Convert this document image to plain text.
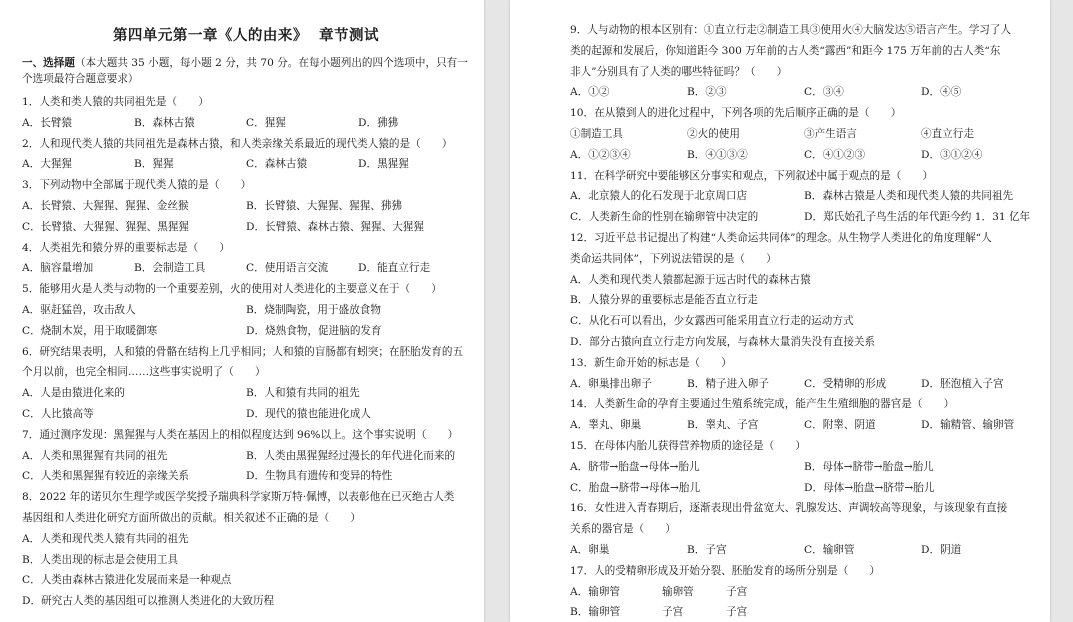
第四单元第一章《人的由来》  章节测试
一、选择题（本大题共 35 小题，每小题 2 分，共 70 分。在每小题列出的四个选项中，只有一个选项最符合题意要求）
1．人类和类人猿的共同祖先是（　　）
A．长臂猿	B．森林古猿	C．猩猩	D．狒狒
2．人和现代类人猿的共同祖先是森林古猿，和人类亲缘关系最近的现代类人猿的是（　　）
A．大猩猩	B．猩猩	C．森林古猿	D．黑猩猩
3．下列动物中全部属于现代类人猿的是（　　）
A．长臂猿、大猩猩、猩猩、金丝猴	B．长臂猿、大猩猩、猩猩、狒狒
C．长臂猿、大猩猩、猩猩、黑猩猩	D．长臂猿、森林古猿、猩猩、大猩猩
4．人类祖先和猿分界的重要标志是（　　）
A．脑容量增加	B．会制造工具	C．使用语言交流	D．能直立行走
5．能够用火是人类与动物的一个重要差别，火的使用对人类进化的主要意义在于（　　）
A．驱赶猛兽，攻击敌人	B．烧制陶瓷，用于盛放食物
C．烧制木炭，用于取暖御寒	D．烧熟食物，促进脑的发育
6．研究结果表明，人和猿的骨骼在结构上几乎相同；人和猿的盲肠都有蚓突；在胚胎发育的五
个月以前，也完全相同……这些事实说明了（　　）
A．人是由猿进化来的	B．人和猿有共同的祖先
C．人比猿高等	D．现代的猿也能进化成人
7．通过测序发现：黑猩猩与人类在基因上的相似程度达到 96%以上。这个事实说明（　　）
A．人类和黑猩猩有共同的祖先	B．人类由黑猩猩经过漫长的年代进化而来的
C．人类和黑猩猩有较近的亲缘关系	D．生物具有遗传和变异的特性
8．2022 年的诺贝尔生理学或医学奖授予瑞典科学家斯万特·佩博，以表彰他在已灭绝古人类
基因组和人类进化研究方面所做出的贡献。相关叙述不正确的是（　　）
A．人类和现代类人猿有共同的祖先
B．人类出现的标志是会使用工具
C．人类由森林古猿进化发展而来是一种观点
D．研究古人类的基因组可以推测人类进化的大致历程
9．人与动物的根本区别有：①直立行走②制造工具③使用火④大脑发达⑤语言产生。学习了人
类的起源和发展后，你知道距今 300 万年前的古人类“露西”和距今 175 万年前的古人类“东
非人”分别具有了人类的哪些特征吗？（　　）
A．①②	B．②③	C．③④	D．④⑤
10．在从猿到人的进化过程中，下列各项的先后顺序正确的是（　　）
①制造工具	②火的使用	③产生语言	④直立行走
A．①②③④	B．④①③②	C．④①②③	D．③①②④
11．在科学研究中要能够区分事实和观点，下列叙述中属于观点的是（　　）
A．北京猿人的化石发现于北京周口店	B．森林古猿是人类和现代类人猿的共同祖先
C．人类新生命的性别在输卵管中决定的	D．郑氏始孔子鸟生活的年代距今约 1．31 亿年
12．习近平总书记提出了构建“人类命运共同体”的理念。从生物学人类进化的角度理解“人
类命运共同体”，下列说法错误的是（　　）
A．人类和现代类人猿都起源于远古时代的森林古猿
B．人猿分界的重要标志是能否直立行走
C．从化石可以看出，少女露西可能采用直立行走的运动方式
D．部分古猿向直立行走方向发展，与森林大量消失没有直接关系
13．新生命开始的标志是（　　）
A．卵巢排出卵子	B．精子进入卵子	C．受精卵的形成	D．胚泡植入子宫
14．人类新生命的孕育主要通过生殖系统完成，能产生生殖细胞的器官是（　　）
A．睾丸、卵巢	B．睾丸、子宫	C．附睾、阴道	D．输精管、输卵管
15．在母体内胎儿获得营养物质的途径是（　　）
A．脐带→胎盘→母体→胎儿	B．母体→脐带→胎盘→胎儿
C．胎盘→脐带→母体→胎儿	D．母体→胎盘→脐带→胎儿
16．女性进入青春期后，逐渐表现出骨盆宽大、乳腺发达、声调较高等现象，与该现象有直接
关系的器官是（　　）
A．卵巢	B．子宫	C．输卵管	D．阴道
17．人的受精卵形成及开始分裂、胚胎发育的场所分别是（　　）
A．输卵管	输卵管	子宫
B．输卵管	子宫	子宫
